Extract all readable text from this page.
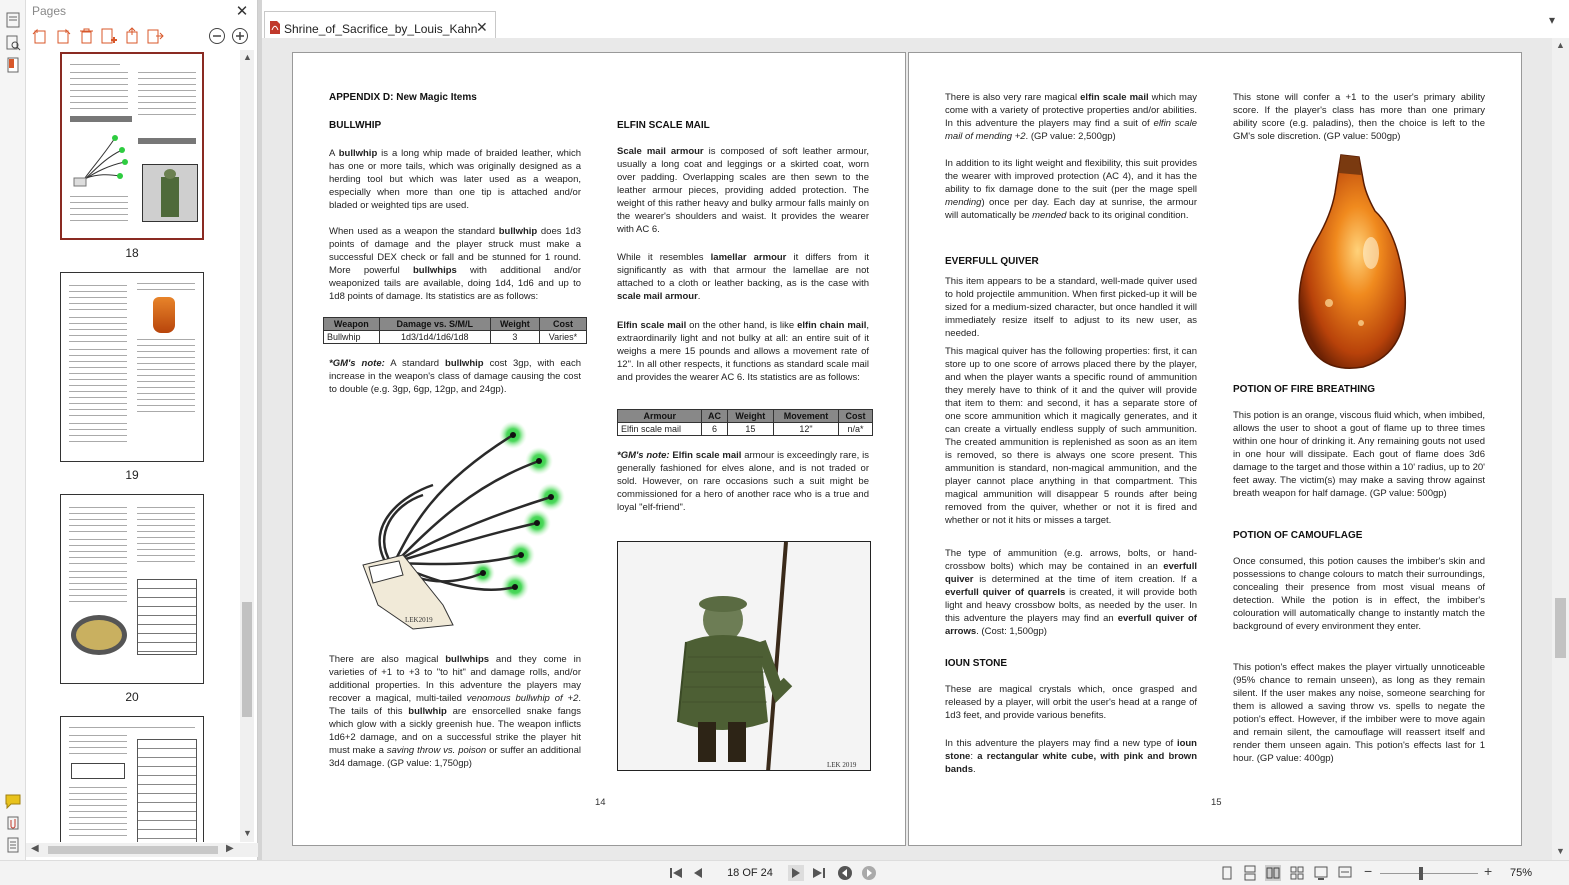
Pages	✕
18
19
20
▲
▼
◀	▶
Shrine_of_Sacrifice_by_Louis_Kahn
✕	▾
APPENDIX D: New Magic Items
BULLWHIP
A bullwhip is a long whip made of braided leather, which has one or more tails, which was originally designed as a herding tool but which was later used as a weapon, especially when more than one tip is attached and/or bladed or weighted tips are used.
When used as a weapon the standard bullwhip does 1d3 points of damage and the player struck must make a successful DEX check or fall and be stunned for 1 round. More powerful bullwhips with additional and/or weaponized tails are available, doing 1d4, 1d6 and up to 1d8 points of damage. Its statistics are as follows:
Weapon	Damage vs. S/M/L	Weight	Cost
Bullwhip	1d3/1d4/1d6/1d8	3	Varies*
*GM's note: A standard bullwhip cost 3gp, with each increase in the weapon's class of damage causing the cost to double (e.g. 3gp, 6gp, 12gp, and 24gp).
LEK2019
There are also magical bullwhips and they come in varieties of +1 to +3 to "to hit" and damage rolls, and/or additional properties. In this adventure the players may recover a magical, multi-tailed venomous bullwhip of +2. The tails of this bullwhip are ensorcelled snake fangs which glow with a sickly greenish hue. The weapon inflicts 1d6+2 damage, and on a successful strike the player hit must make a saving throw vs. poison or suffer an additional 3d4 damage. (GP value: 1,750gp)
ELFIN SCALE MAIL
Scale mail armour is composed of soft leather armour, usually a long coat and leggings or a skirted coat, worn over padding. Overlapping scales are then sewn to the leather armour pieces, providing added protection. The weight of this rather heavy and bulky armour falls mainly on the wearer's shoulders and waist. It provides the wearer with AC 6.
While it resembles lamellar armour it differs from it significantly as with that armour the lamellae are not attached to a cloth or leather backing, as is the case with scale mail armour.
Elfin scale mail on the other hand, is like elfin chain mail, extraordinarily light and not bulky at all: an entire suit of it weighs a mere 15 pounds and allows a movement rate of 12". In all other respects, it functions as standard scale mail and provides the wearer AC 6. Its statistics are as follows:
Armour	AC	Weight	Movement	Cost
Elfin scale mail	6	15	12"	n/a*
*GM's note: Elfin scale mail armour is exceedingly rare, is generally fashioned for elves alone, and is not traded or sold. However, on rare occasions such a suit might be commissioned for a hero of another race who is a true and loyal "elf-friend".
LEK 2019
14
There is also very rare magical elfin scale mail which may come with a variety of protective properties and/or abilities. In this adventure the players may find a suit of elfin scale mail of mending +2. (GP value: 2,500gp)
In addition to its light weight and flexibility, this suit provides the wearer with improved protection (AC 4), and it has the ability to fix damage done to the suit (per the mage spell mending) once per day. Each day at sunrise, the armour will automatically be mended back to its original condition.
EVERFULL QUIVER
This item appears to be a standard, well-made quiver used to hold projectile ammunition. When first picked-up it will be sized for a medium-sized character, but once handled it will immediately resize itself to adjust to its new user, as needed.
This magical quiver has the following properties: first, it can store up to one score of arrows placed there by the player, and when the player wants a specific round of ammunition they merely have to think of it and the quiver will provide that item to them: and second, it has a separate store of one score ammunition which it magically generates, and it can create a virtually endless supply of such ammunition. The created ammunition is replenished as soon as an item is removed, so there is always one score present. This ammunition is standard, non-magical ammunition, and the player cannot place anything in that compartment. This magical ammunition will disappear 5 rounds after being removed from the quiver, whether or not it is fired and whether or not it hits or misses a target.
The type of ammunition (e.g. arrows, bolts, or hand-crossbow bolts) which may be contained in an everfull quiver is determined at the time of item creation. If a everfull quiver of quarrels is created, it will provide both light and heavy crossbow bolts, as needed by the user. In this adventure the players may find an everfull quiver of arrows. (Cost: 1,500gp)
IOUN STONE
These are magical crystals which, once grasped and released by a player, will orbit the user's head at a range of 1d3 feet, and provide various benefits.
In this adventure the players may find a new type of ioun stone: a rectangular white cube, with pink and brown bands.
This stone will confer a +1 to the user's primary ability score. If the player's class has more than one primary ability score (e.g. paladins), then the choice is left to the GM's sole discretion. (GP value: 500gp)
POTION OF FIRE BREATHING
This potion is an orange, viscous fluid which, when imbibed, allows the user to shoot a gout of flame up to three times within one hour of drinking it. Any remaining gouts not used in one hour will dissipate. Each gout of flame does 3d6 damage to the target and those within a 10' radius, up to 20' feet away. The victim(s) may make a saving throw against breath weapon for half damage. (GP value: 500gp)
POTION OF CAMOUFLAGE
Once consumed, this potion causes the imbiber's skin and possessions to change colours to match their surroundings, concealing their presence from most visual means of detection. While the potion is in effect, the imbiber's colouration will automatically change to instantly match the background of every environment they enter.
This potion's effect makes the player virtually unnoticeable (95% chance to remain unseen), as long as they remain silent. If the user makes any noise, someone searching for them is allowed a saving throw vs. spells to negate the potion's effect. However, if the imbiber were to move again and remain silent, the camouflage will reassert itself and render them unseen again. This potion's effects last for 1 hour. (GP value: 400gp)
15
▲
▼
18 OF 24	−	+ 75%
